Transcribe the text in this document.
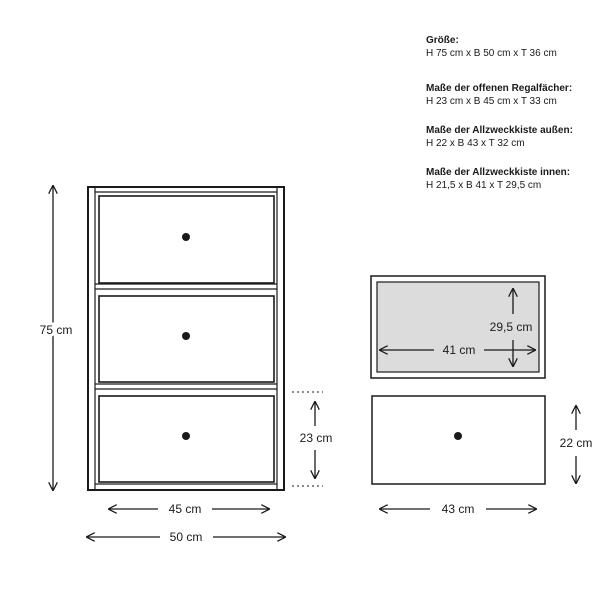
75 cm
23 cm
45 cm
50 cm
41 cm
29,5 cm
22 cm
43 cm
Größe:
H 75 cm x B 50 cm x T 36 cm
Maße der offenen Regalfächer:
H 23 cm x B 45 cm x T 33 cm
Maße der Allzweckkiste außen:
H 22 x B 43 x T 32 cm
Maße der Allzweckkiste innen:
H 21,5 x B 41 x T 29,5 cm
